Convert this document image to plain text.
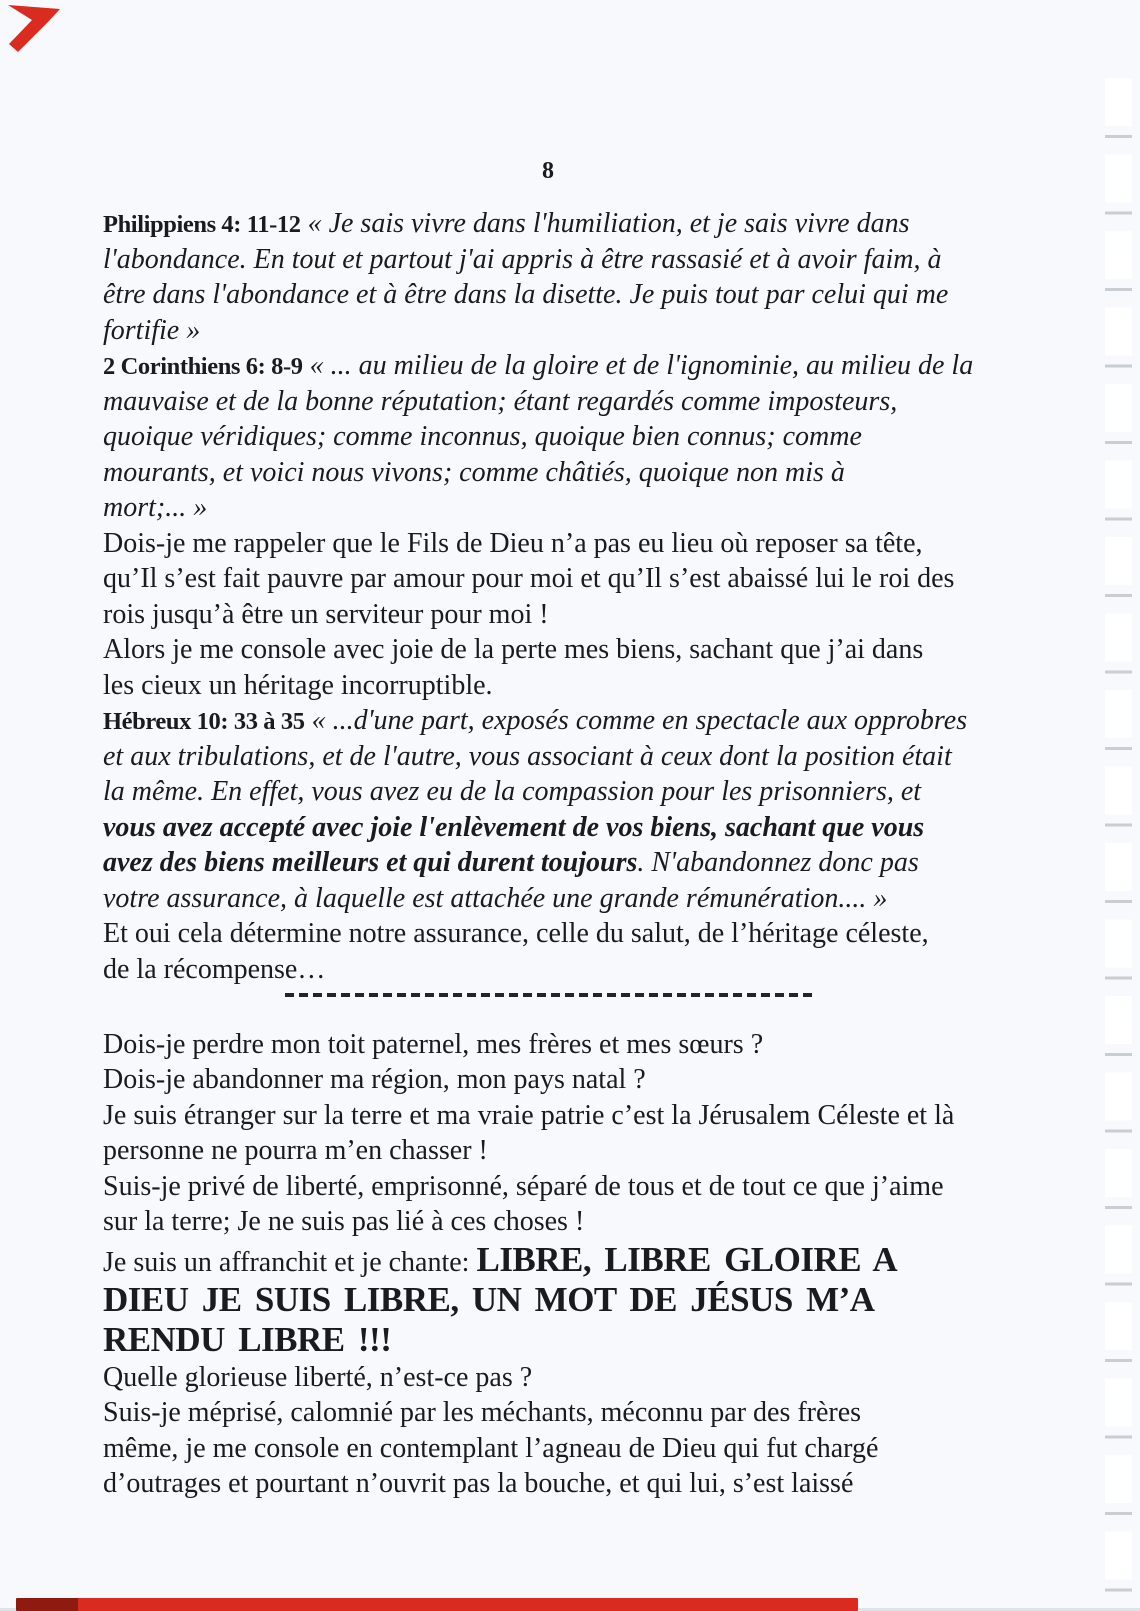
8
Philippiens 4: 11-12 « Je sais vivre dans l'humiliation, et je sais vivre dans
l'abondance. En tout et partout j'ai appris à être rassasié et à avoir faim, à
être dans l'abondance et à être dans la disette. Je puis tout par celui qui me
fortifie »
2 Corinthiens 6: 8-9 « ... au milieu de la gloire et de l'ignominie, au milieu de la
mauvaise et de la bonne réputation; étant regardés comme imposteurs,
quoique véridiques; comme inconnus, quoique bien connus; comme
mourants, et voici nous vivons; comme châtiés, quoique non mis à
mort;... »
Dois-je me rappeler que le Fils de Dieu n’a pas eu lieu où reposer sa tête,
qu’Il s’est fait pauvre par amour pour moi et qu’Il s’est abaissé lui le roi des
rois jusqu’à être un serviteur pour moi !
Alors je me console avec joie de la perte mes biens, sachant que j’ai dans
les cieux un héritage incorruptible.
Hébreux 10: 33 à 35 « ...d'une part, exposés comme en spectacle aux opprobres
et aux tribulations, et de l'autre, vous associant à ceux dont la position était
la même. En effet, vous avez eu de la compassion pour les prisonniers, et
vous avez accepté avec joie l'enlèvement de vos biens, sachant que vous
avez des biens meilleurs et qui durent toujours. N'abandonnez donc pas
votre assurance, à laquelle est attachée une grande rémunération.... »
Et oui cela détermine notre assurance, celle du salut, de l’héritage céleste,
de la récompense…
Dois-je perdre mon toit paternel, mes frères et mes sœurs ?
Dois-je abandonner ma région, mon pays natal ?
Je suis étranger sur la terre et ma vraie patrie c’est la Jérusalem Céleste et là
personne ne pourra m’en chasser !
Suis-je privé de liberté, emprisonné, séparé de tous et de tout ce que j’aime
sur la terre; Je ne suis pas lié à ces choses !
Je suis un affranchit et je chante: LIBRE, LIBRE GLOIRE A
DIEU JE SUIS LIBRE, UN MOT DE JÉSUS M’A
RENDU LIBRE !!!
Quelle glorieuse liberté, n’est-ce pas ?
Suis-je méprisé, calomnié par les méchants, méconnu par des frères
même, je me console en contemplant l’agneau de Dieu qui fut chargé
d’outrages et pourtant n’ouvrit pas la bouche, et qui lui, s’est laissé
